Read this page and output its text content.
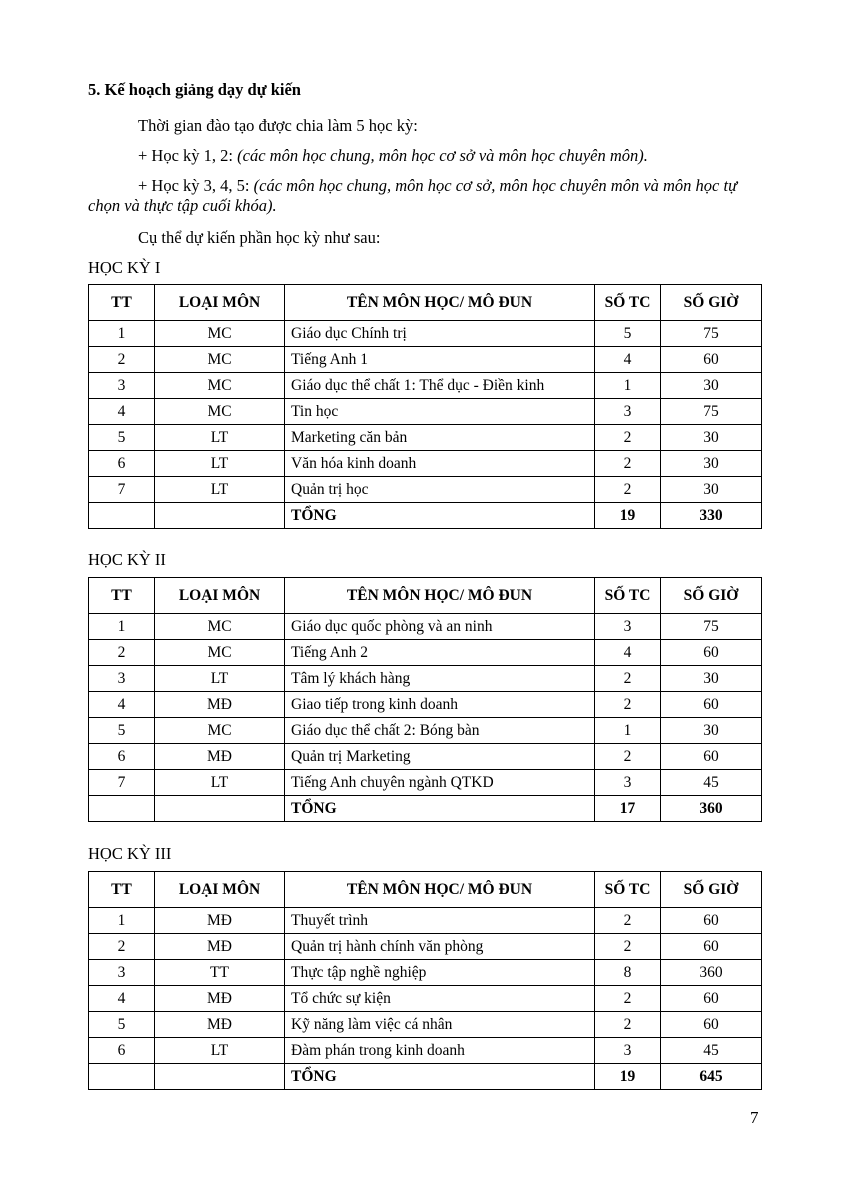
5. Kế hoạch giảng dạy dự kiến
Thời gian đào tạo được chia làm 5 học kỳ:
+ Học kỳ 1, 2: (các môn học chung, môn học cơ sở và môn học chuyên môn).
+ Học kỳ 3, 4, 5: (các môn học chung, môn học cơ sở, môn học chuyên môn và môn học tự chọn và thực tập cuối khóa).
Cụ thể dự kiến phần học kỳ như sau:
HỌC KỲ I
TT	LOẠI MÔN	TÊN MÔN HỌC/ MÔ ĐUN	SỐ TC	SỐ GIỜ
1	MC	Giáo dục Chính trị	5	75
2	MC	Tiếng Anh 1	4	60
3	MC	Giáo dục thể chất 1: Thể dục - Điền kinh	1	30
4	MC	Tin học	3	75
5	LT	Marketing căn bản	2	30
6	LT	Văn hóa kinh doanh	2	30
7	LT	Quản trị học	2	30
		TỔNG	19	330
HỌC KỲ II
TT	LOẠI MÔN	TÊN MÔN HỌC/ MÔ ĐUN	SỐ TC	SỐ GIỜ
1	MC	Giáo dục quốc phòng và an ninh	3	75
2	MC	Tiếng Anh 2	4	60
3	LT	Tâm lý khách hàng	2	30
4	MĐ	Giao tiếp trong kinh doanh	2	60
5	MC	Giáo dục thể chất 2: Bóng bàn	1	30
6	MĐ	Quản trị Marketing	2	60
7	LT	Tiếng Anh chuyên ngành QTKD	3	45
		TỔNG	17	360
HỌC KỲ III
TT	LOẠI MÔN	TÊN MÔN HỌC/ MÔ ĐUN	SỐ TC	SỐ GIỜ
1	MĐ	Thuyết trình	2	60
2	MĐ	Quản trị hành chính văn phòng	2	60
3	TT	Thực tập nghề nghiệp	8	360
4	MĐ	Tổ chức sự kiện	2	60
5	MĐ	Kỹ năng làm việc cá nhân	2	60
6	LT	Đàm phán trong kinh doanh	3	45
		TỔNG	19	645
7
